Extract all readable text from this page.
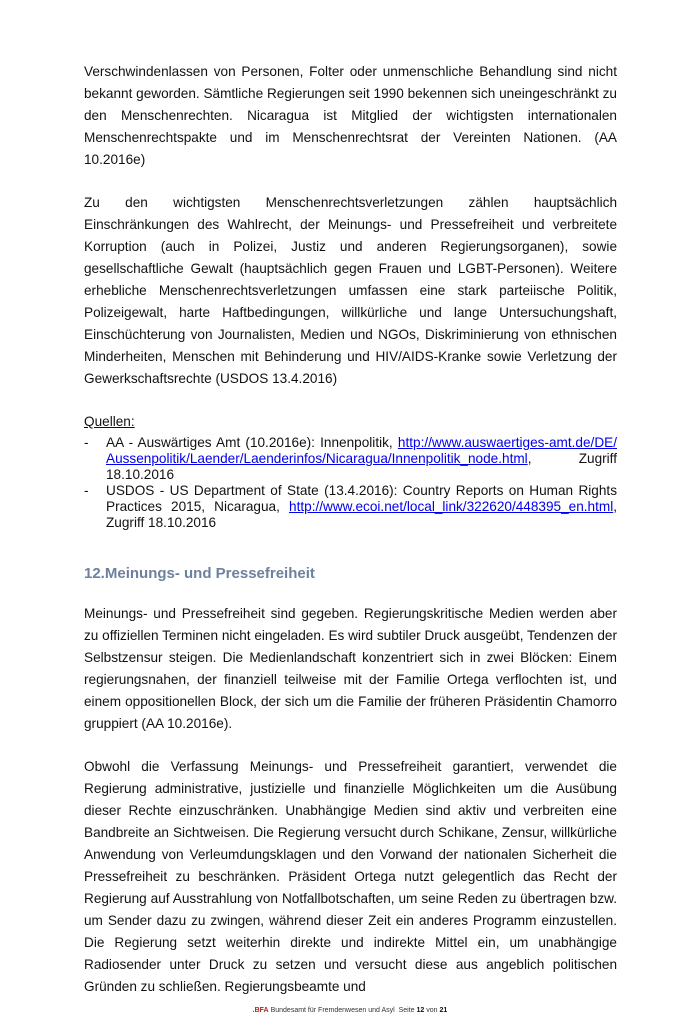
Verschwindenlassen von Personen, Folter oder unmenschliche Behandlung sind nicht bekannt geworden. Sämtliche Regierungen seit 1990 bekennen sich uneingeschränkt zu den Menschenrechten. Nicaragua ist Mitglied der wichtigsten internationalen Menschenrechtspakte und im Menschenrechtsrat der Vereinten Nationen. (AA 10.2016e)

Zu den wichtigsten Menschenrechtsverletzungen zählen hauptsächlich Einschränkungen des Wahlrecht, der Meinungs- und Pressefreiheit und verbreitete Korruption (auch in Polizei, Justiz und anderen Regierungsorganen), sowie gesellschaftliche Gewalt (hauptsächlich gegen Frauen und LGBT-Personen). Weitere erhebliche Menschenrechtsverletzungen umfassen eine stark parteiische Politik, Polizeigewalt, harte Haftbedingungen, willkürliche und lange Untersuchungshaft, Einschüchterung von Journalisten, Medien und NGOs, Diskriminierung von ethnischen Minderheiten, Menschen mit Behinderung und HIV/AIDS-Kranke sowie Verletzung der Gewerkschaftsrechte (USDOS 13.4.2016)

Quellen:
- AA - Auswärtiges Amt (10.2016e): Innenpolitik, http://www.auswaertiges-amt.de/DE/Aussenpolitik/Laender/Laenderinfos/Nicaragua/Innenpolitik_node.html, Zugriff 18.10.2016
- USDOS - US Department of State (13.4.2016): Country Reports on Human Rights Practices 2015, Nicaragua, http://www.ecoi.net/local_link/322620/448395_en.html, Zugriff 18.10.2016
12.Meinungs- und Pressefreiheit

Meinungs- und Pressefreiheit sind gegeben. Regierungskritische Medien werden aber zu offiziellen Terminen nicht eingeladen. Es wird subtiler Druck ausgeübt, Tendenzen der Selbstzensur steigen. Die Medienlandschaft konzentriert sich in zwei Blöcken: Einem regierungsnahen, der finanziell teilweise mit der Familie Ortega verflochten ist, und einem oppositionellen Block, der sich um die Familie der früheren Präsidentin Chamorro gruppiert (AA 10.2016e).

Obwohl die Verfassung Meinungs- und Pressefreiheit garantiert, verwendet die Regierung administrative, justizielle und finanzielle Möglichkeiten um die Ausübung dieser Rechte einzuschränken. Unabhängige Medien sind aktiv und verbreiten eine Bandbreite an Sichtweisen. Die Regierung versucht durch Schikane, Zensur, willkürliche Anwendung von Verleumdungsklagen und den Vorwand der nationalen Sicherheit die Pressefreiheit zu beschränken. Präsident Ortega nutzt gelegentlich das Recht der Regierung auf Ausstrahlung von Notfallbotschaften, um seine Reden zu übertragen bzw. um Sender dazu zu zwingen, während dieser Zeit ein anderes Programm einzustellen. Die Regierung setzt weiterhin direkte und indirekte Mittel ein, um unabhängige Radiosender unter Druck zu setzen und versucht diese aus angeblich politischen Gründen zu schließen. Regierungsbeamte und

.BFA Bundesamt für Fremdenwesen und Asyl Seite 12 von 21
